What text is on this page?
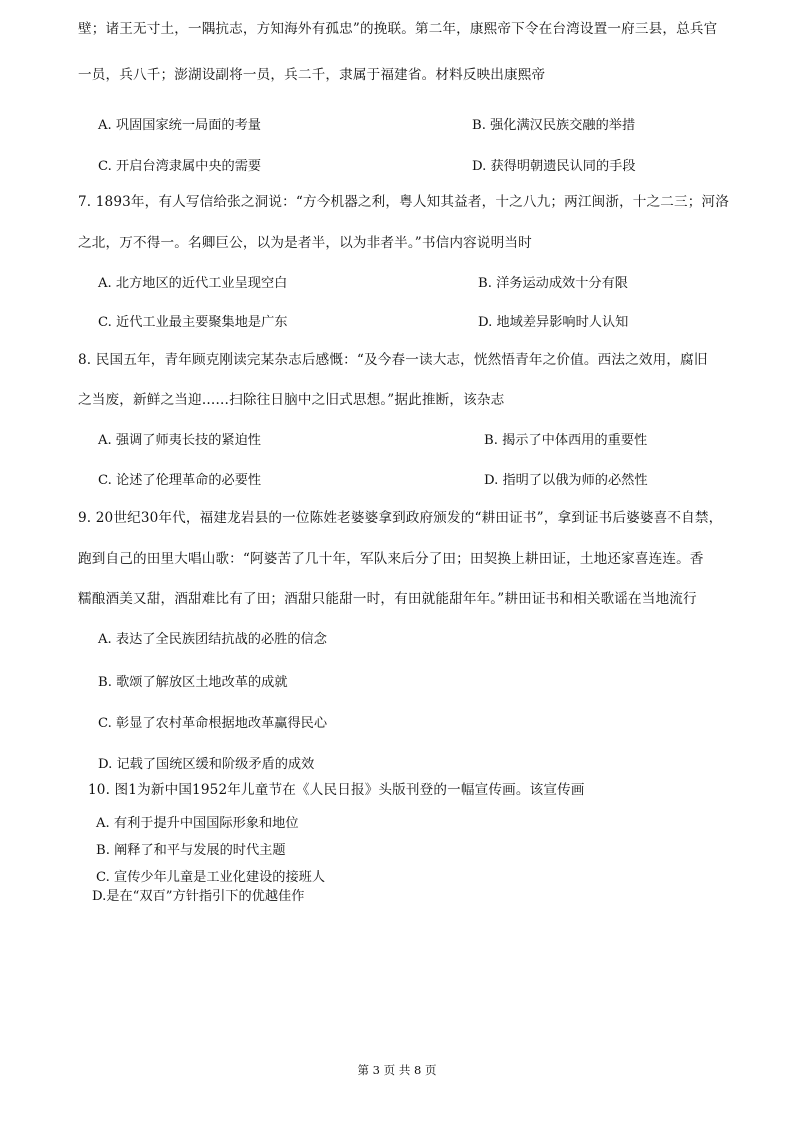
壁；诸王无寸土，一隅抗志，方知海外有孤忠”的挽联。第二年，康熙帝下令在台湾设置一府三县，总兵官
一员，兵八千；澎湖设副将一员，兵二千，隶属于福建省。材料反映出康熙帝
A. 巩固国家统一局面的考量	B. 强化满汉民族交融的举措
C. 开启台湾隶属中央的需要	D. 获得明朝遗民认同的手段
7. 1893年，有人写信给张之洞说：“方今机器之利，粤人知其益者，十之八九；两江闽浙，十之二三；河洛
之北，万不得一。名卿巨公，以为是者半，以为非者半。”书信内容说明当时
A. 北方地区的近代工业呈现空白	B. 洋务运动成效十分有限
C. 近代工业最主要聚集地是广东	D. 地域差异影响时人认知
8. 民国五年，青年顾克刚读完某杂志后感慨：“及今春一读大志，恍然悟青年之价值。西法之效用，腐旧
之当废，新鲜之当迎……扫除往日脑中之旧式思想。”据此推断，该杂志
A. 强调了师夷长技的紧迫性	B. 揭示了中体西用的重要性
C. 论述了伦理革命的必要性	D. 指明了以俄为师的必然性
9. 20世纪30年代，福建龙岩县的一位陈姓老婆婆拿到政府颁发的“耕田证书”，拿到证书后婆婆喜不自禁，
跑到自己的田里大唱山歌：“阿婆苦了几十年，军队来后分了田；田契换上耕田证，土地还家喜连连。香
糯酿酒美又甜，酒甜难比有了田；酒甜只能甜一时，有田就能甜年年。”耕田证书和相关歌谣在当地流行
A. 表达了全民族团结抗战的必胜的信念
B. 歌颂了解放区土地改革的成就
C. 彰显了农村革命根据地改革赢得民心
D. 记载了国统区缓和阶级矛盾的成效
10. 图1为新中国1952年儿童节在《人民日报》头版刊登的一幅宣传画。该宣传画
A. 有利于提升中国国际形象和地位
B. 阐释了和平与发展的时代主题
C. 宣传少年儿童是工业化建设的接班人
D.是在“双百”方针指引下的优越佳作
第 3 页 共 8 页
